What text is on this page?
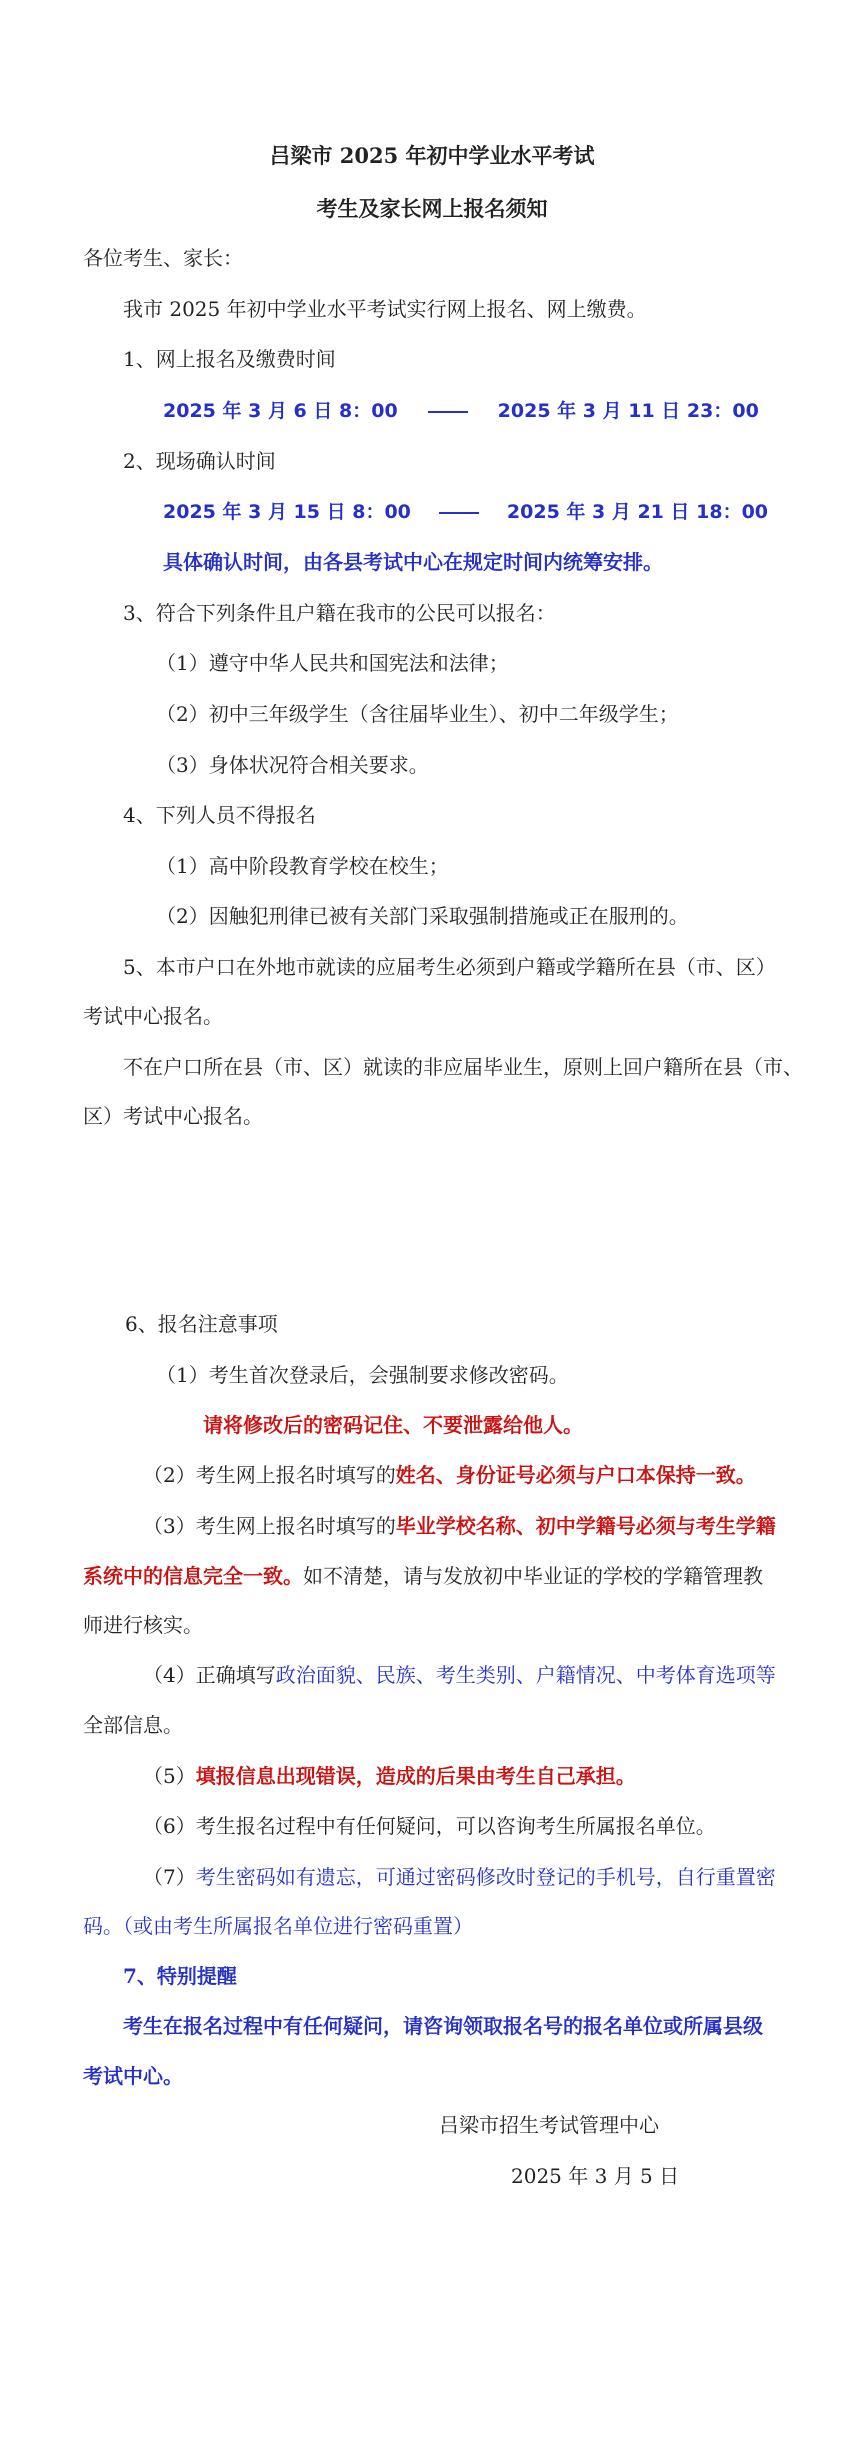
吕梁市 2025 年初中学业水平考试
考生及家长网上报名须知
各位考生、家长：
我市 2025 年初中学业水平考试实行网上报名、网上缴费。
1、网上报名及缴费时间
2025 年 3 月 6 日 8：00	2025 年 3 月 11 日 23：00
2、现场确认时间
2025 年 3 月 15 日 8：00	2025 年 3 月 21 日 18：00
具体确认时间，由各县考试中心在规定时间内统筹安排。
3、符合下列条件且户籍在我市的公民可以报名：
（1）遵守中华人民共和国宪法和法律；
（2）初中三年级学生（含往届毕业生）、初中二年级学生；
（3）身体状况符合相关要求。
4、下列人员不得报名
（1）高中阶段教育学校在校生；
（2）因触犯刑律已被有关部门采取强制措施或正在服刑的。
5、本市户口在外地市就读的应届考生必须到户籍或学籍所在县（市、区）
考试中心报名。
不在户口所在县（市、区）就读的非应届毕业生，原则上回户籍所在县（市、
区）考试中心报名。
6、报名注意事项
（1）考生首次登录后，会强制要求修改密码。
请将修改后的密码记住、不要泄露给他人。
（2）考生网上报名时填写的姓名、身份证号必须与户口本保持一致。
（3）考生网上报名时填写的毕业学校名称、初中学籍号必须与考生学籍
系统中的信息完全一致。如不清楚，请与发放初中毕业证的学校的学籍管理教
师进行核实。
（4）正确填写政治面貌、民族、考生类别、户籍情况、中考体育选项等
全部信息。
（5）填报信息出现错误，造成的后果由考生自己承担。
（6）考生报名过程中有任何疑问，可以咨询考生所属报名单位。
（7）考生密码如有遗忘，可通过密码修改时登记的手机号，自行重置密
码。（或由考生所属报名单位进行密码重置）
7、特别提醒
考生在报名过程中有任何疑问，请咨询领取报名号的报名单位或所属县级
考试中心。
吕梁市招生考试管理中心
2025 年 3 月 5 日
